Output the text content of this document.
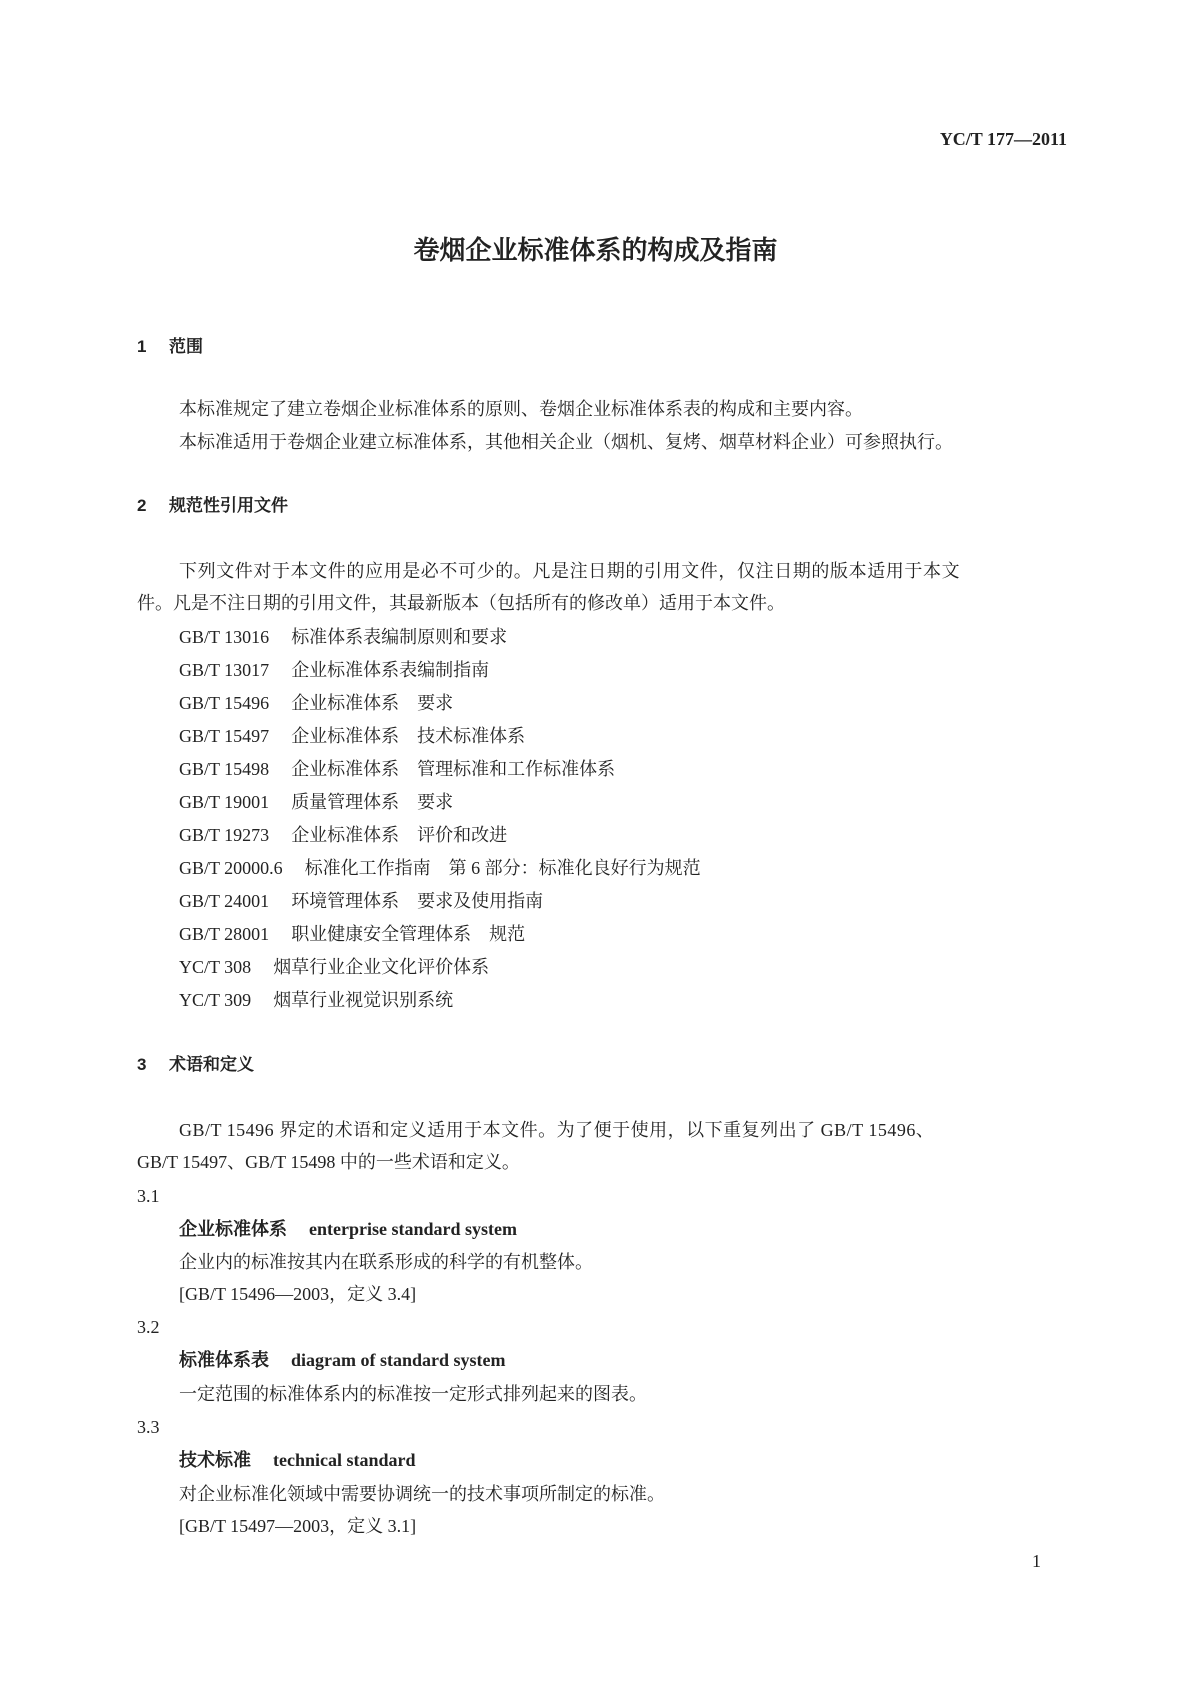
YC/T 177—2011
卷烟企业标准体系的构成及指南
1 范围
本标准规定了建立卷烟企业标准体系的原则、卷烟企业标准体系表的构成和主要内容。
本标准适用于卷烟企业建立标准体系，其他相关企业（烟机、复烤、烟草材料企业）可参照执行。
2 规范性引用文件
下列文件对于本文件的应用是必不可少的。凡是注日期的引用文件，仅注日期的版本适用于本文
件。凡是不注日期的引用文件，其最新版本（包括所有的修改单）适用于本文件。
GB/T 13016 标准体系表编制原则和要求
GB/T 13017 企业标准体系表编制指南
GB/T 15496 企业标准体系　要求
GB/T 15497 企业标准体系　技术标准体系
GB/T 15498 企业标准体系　管理标准和工作标准体系
GB/T 19001 质量管理体系　要求
GB/T 19273 企业标准体系　评价和改进
GB/T 20000.6 标准化工作指南　第 6 部分：标准化良好行为规范
GB/T 24001 环境管理体系　要求及使用指南
GB/T 28001 职业健康安全管理体系　规范
YC/T 308 烟草行业企业文化评价体系
YC/T 309 烟草行业视觉识别系统
3 术语和定义
GB/T 15496 界定的术语和定义适用于本文件。为了便于使用，以下重复列出了 GB/T 15496、
GB/T 15497、GB/T 15498 中的一些术语和定义。
3.1
企业标准体系 enterprise standard system
企业内的标准按其内在联系形成的科学的有机整体。
[GB/T 15496—2003，定义 3.4]
3.2
标准体系表 diagram of standard system
一定范围的标准体系内的标准按一定形式排列起来的图表。
3.3
技术标准 technical standard
对企业标准化领域中需要协调统一的技术事项所制定的标准。
[GB/T 15497—2003，定义 3.1]
1
